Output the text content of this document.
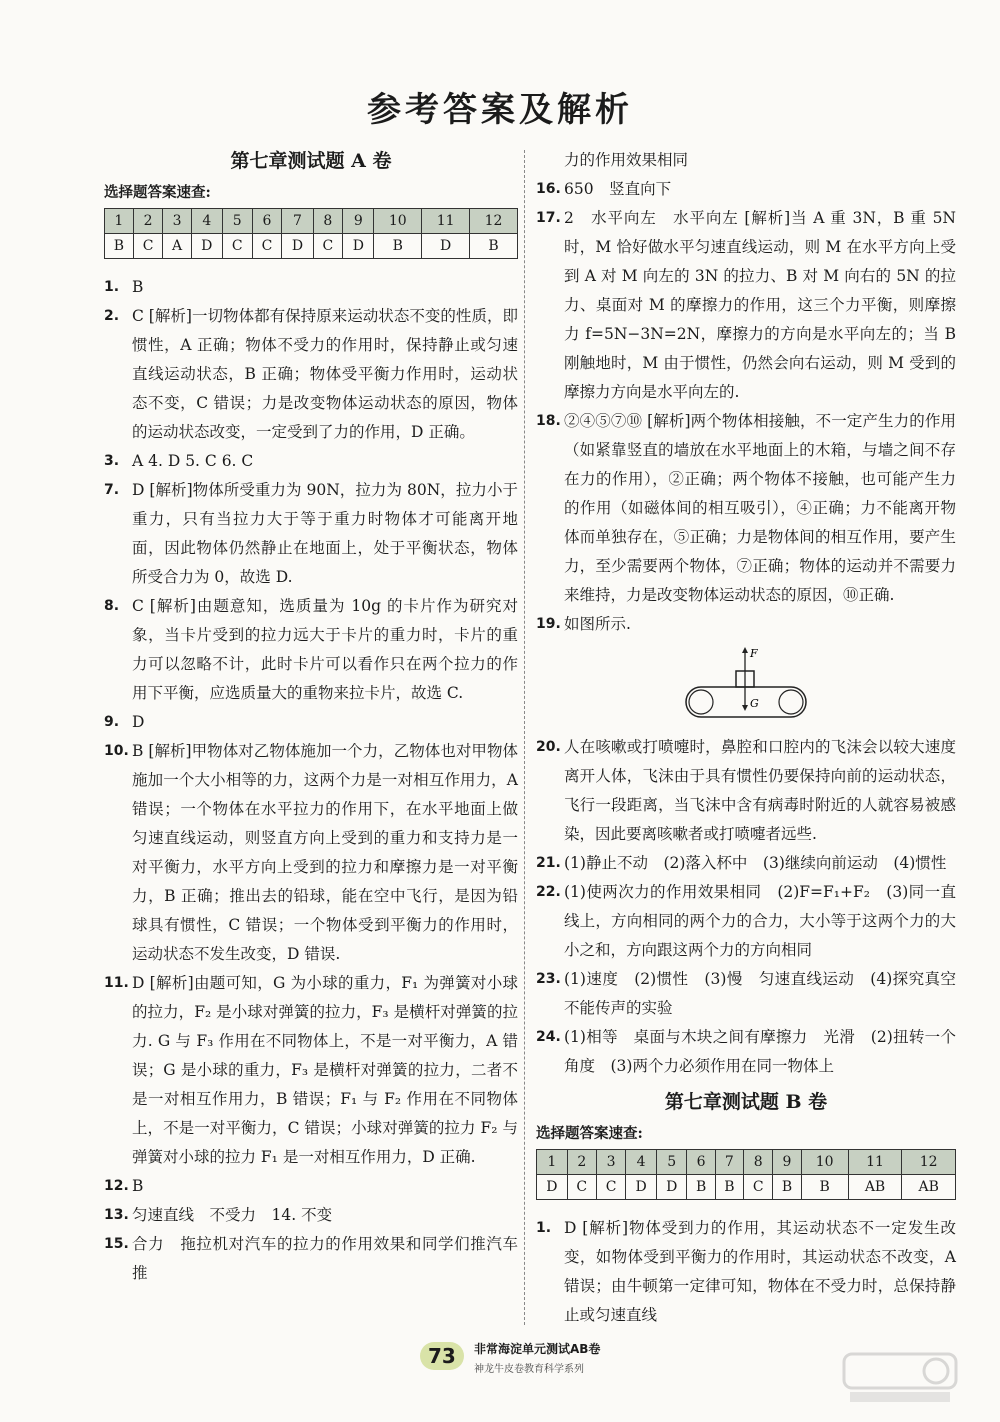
参考答案及解析
第七章测试题 A 卷
选择题答案速查:
1	2	3	4	5	6	7	8	9	10	11	12
B	C	A	D	C	C	D	C	D	B	D	B
1. B

2. C [解析]一切物体都有保持原来运动状态不变的性质，即惯性，A 正确；物体不受力的作用时，保持静止或匀速直线运动状态，B 正确；物体受平衡力作用时，运动状态不变，C 错误；力是改变物体运动状态的原因，物体的运动状态改变，一定受到了力的作用，D 正确。

3. A 4. D 5. C 6. C

7. D [解析]物体所受重力为 90N，拉力为 80N，拉力小于重力，只有当拉力大于等于重力时物体才可能离开地面，因此物体仍然静止在地面上，处于平衡状态，物体所受合力为 0，故选 D.

8. C [解析]由题意知，选质量为 10g 的卡片作为研究对象，当卡片受到的拉力远大于卡片的重力时，卡片的重力可以忽略不计，此时卡片可以看作只在两个拉力的作用下平衡，应选质量大的重物来拉卡片，故选 C.

9. D

10. B [解析]甲物体对乙物体施加一个力，乙物体也对甲物体施加一个大小相等的力，这两个力是一对相互作用力，A 错误；一个物体在水平拉力的作用下，在水平地面上做匀速直线运动，则竖直方向上受到的重力和支持力是一对平衡力，水平方向上受到的拉力和摩擦力是一对平衡力，B 正确；推出去的铅球，能在空中飞行，是因为铅球具有惯性，C 错误；一个物体受到平衡力的作用时，运动状态不发生改变，D 错误.

11. D [解析]由题可知，G 为小球的重力，F₁ 为弹簧对小球的拉力，F₂ 是小球对弹簧的拉力，F₃ 是横杆对弹簧的拉力. G 与 F₃ 作用在不同物体上，不是一对平衡力，A 错误；G 是小球的重力，F₃ 是横杆对弹簧的拉力，二者不是一对相互作用力，B 错误；F₁ 与 F₂ 作用在不同物体上，不是一对平衡力，C 错误；小球对弹簧的拉力 F₂ 与弹簧对小球的拉力 F₁ 是一对相互作用力，D 正确.

12. B

13. 匀速直线　不受力　14. 不变

15. 合力　拖拉机对汽车的拉力的作用效果和同学们推汽车推

力的作用效果相同

16. 650　竖直向下

17. 2　水平向左　水平向左 [解析]当 A 重 3N，B 重 5N 时，M 恰好做水平匀速直线运动，则 M 在水平方向上受到 A 对 M 向左的 3N 的拉力、B 对 M 向右的 5N 的拉力、桌面对 M 的摩擦力的作用，这三个力平衡，则摩擦力 f=5N−3N=2N，摩擦力的方向是水平向左的；当 B 刚触地时，M 由于惯性，仍然会向右运动，则 M 受到的摩擦力方向是水平向左的.

18. ②④⑤⑦⑩ [解析]两个物体相接触，不一定产生力的作用（如紧靠竖直的墙放在水平地面上的木箱，与墙之间不存在力的作用），②正确；两个物体不接触，也可能产生力的作用（如磁体间的相互吸引），④正确；力不能离开物体而单独存在，⑤正确；力是物体间的相互作用，要产生力，至少需要两个物体，⑦正确；物体的运动并不需要力来维持，力是改变物体运动状态的原因，⑩正确.

19. 如图所示.

F
G
20. 人在咳嗽或打喷嚏时，鼻腔和口腔内的飞沫会以较大速度离开人体，飞沫由于具有惯性仍要保持向前的运动状态，飞行一段距离，当飞沫中含有病毒时附近的人就容易被感染，因此要离咳嗽者或打喷嚏者远些.

21. (1)静止不动　(2)落入杯中　(3)继续向前运动　(4)惯性

22. (1)使两次力的作用效果相同　(2)F=F₁+F₂　(3)同一直线上，方向相同的两个力的合力，大小等于这两个力的大小之和，方向跟这两个力的方向相同

23. (1)速度　(2)惯性　(3)慢　匀速直线运动　(4)探究真空不能传声的实验

24. (1)相等　桌面与木块之间有摩擦力　光滑　(2)扭转一个角度　(3)两个力必须作用在同一物体上

第七章测试题 B 卷
选择题答案速查:
1	2	3	4	5	6	7	8	9	10	11	12
D	C	C	D	D	B	B	C	B	B	AB	AB
1. D [解析]物体受到力的作用，其运动状态不一定发生改变，如物体受到平衡力的作用时，其运动状态不改变，A 错误；由牛顿第一定律可知，物体在不受力时，总保持静止或匀速直线

73	非常海淀单元测试AB卷
神龙牛皮卷教育科学系列
